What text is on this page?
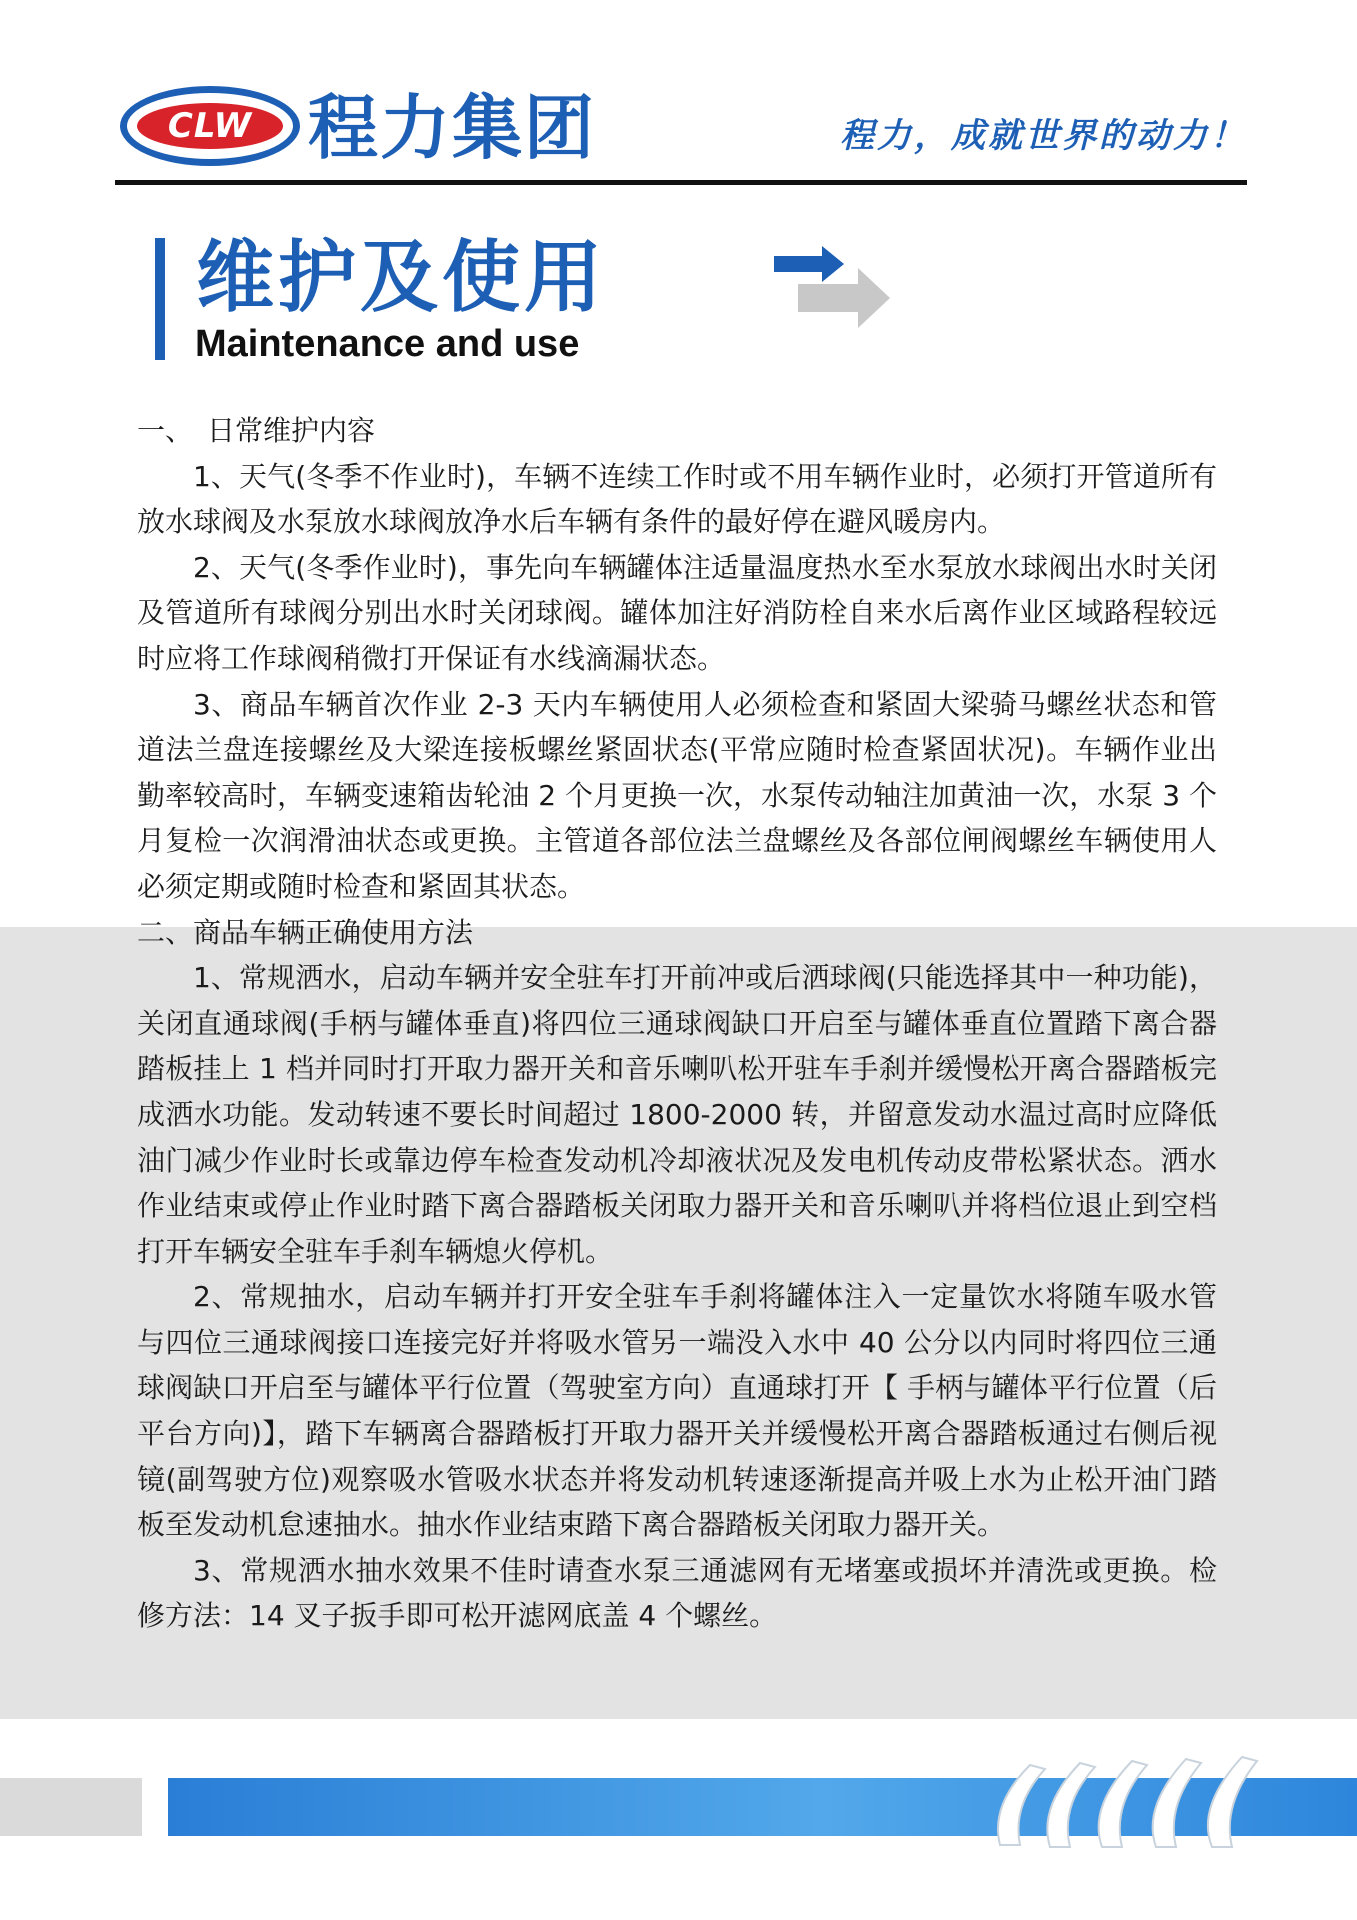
CLW 程力集团	程力，成就世界的动力！
维护及使用
Maintenance and use

一、　日常维护内容

1、天气(冬季不作业时)，车辆不连续工作时或不用车辆作业时，必须打开管道所有放水球阀及水泵放水球阀放净水后车辆有条件的最好停在避风暖房内。

2、天气(冬季作业时)，事先向车辆罐体注适量温度热水至水泵放水球阀出水时关闭及管道所有球阀分别出水时关闭球阀。罐体加注好消防栓自来水后离作业区域路程较远时应将工作球阀稍微打开保证有水线滴漏状态。

3、商品车辆首次作业 2-3 天内车辆使用人必须检查和紧固大梁骑马螺丝状态和管道法兰盘连接螺丝及大梁连接板螺丝紧固状态(平常应随时检查紧固状况)。车辆作业出勤率较高时，车辆变速箱齿轮油 2 个月更换一次，水泵传动轴注加黄油一次，水泵 3 个月复检一次润滑油状态或更换。主管道各部位法兰盘螺丝及各部位闸阀螺丝车辆使用人必须定期或随时检查和紧固其状态。

二、商品车辆正确使用方法

1、常规洒水，启动车辆并安全驻车打开前冲或后洒球阀(只能选择其中一种功能)，关闭直通球阀(手柄与罐体垂直)将四位三通球阀缺口开启至与罐体垂直位置踏下离合器踏板挂上 1 档并同时打开取力器开关和音乐喇叭松开驻车手刹并缓慢松开离合器踏板完成洒水功能。发动转速不要长时间超过 1800-2000 转，并留意发动水温过高时应降低油门减少作业时长或靠边停车检查发动机冷却液状况及发电机传动皮带松紧状态。洒水作业结束或停止作业时踏下离合器踏板关闭取力器开关和音乐喇叭并将档位退止到空档打开车辆安全驻车手刹车辆熄火停机。

2、常规抽水，启动车辆并打开安全驻车手刹将罐体注入一定量饮水将随车吸水管与四位三通球阀接口连接完好并将吸水管另一端没入水中 40 公分以内同时将四位三通球阀缺口开启至与罐体平行位置（驾驶室方向）直通球打开【 手柄与罐体平行位置（后平台方向)】，踏下车辆离合器踏板打开取力器开关并缓慢松开离合器踏板通过右侧后视镜(副驾驶方位)观察吸水管吸水状态并将发动机转速逐渐提高并吸上水为止松开油门踏板至发动机怠速抽水。抽水作业结束踏下离合器踏板关闭取力器开关。

3、常规洒水抽水效果不佳时请查水泵三通滤网有无堵塞或损坏并清洗或更换。检修方法：14 叉子扳手即可松开滤网底盖 4 个螺丝。
